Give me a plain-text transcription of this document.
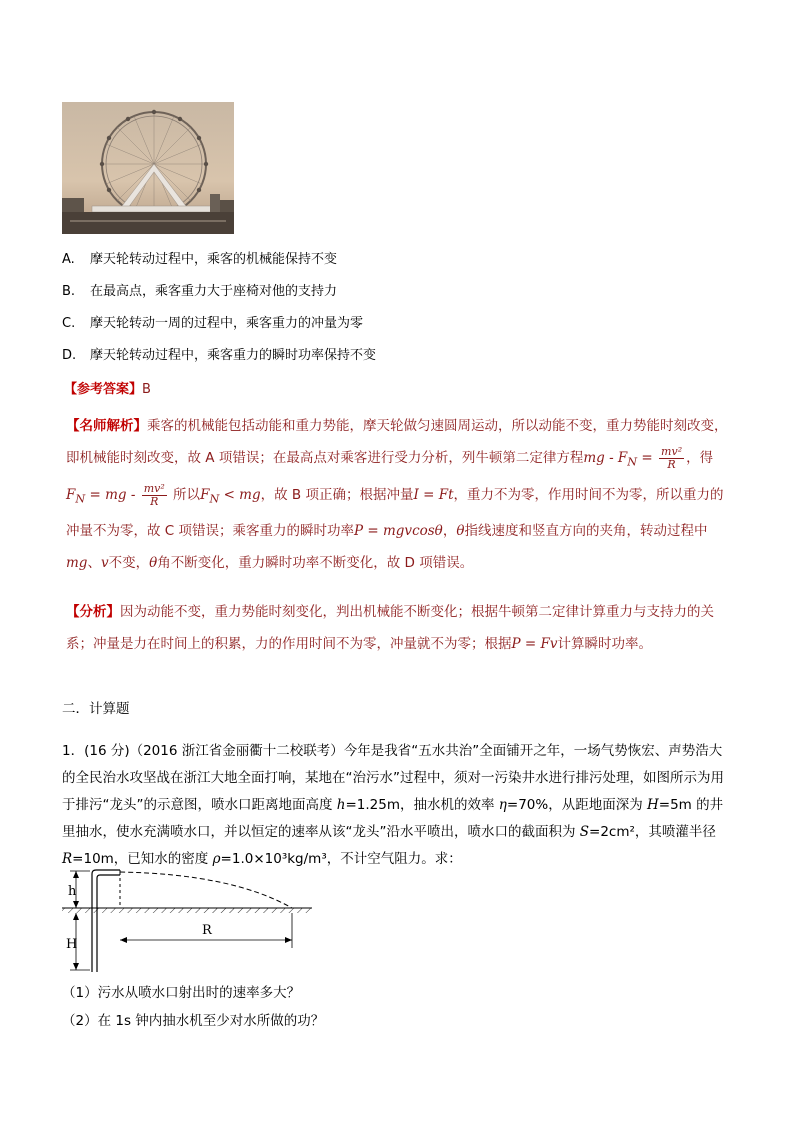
A. 摩天轮转动过程中，乘客的机械能保持不变
B. 在最高点，乘客重力大于座椅对他的支持力
C. 摩天轮转动一周的过程中，乘客重力的冲量为零
D. 摩天轮转动过程中，乘客重力的瞬时功率保持不变
【参考答案】B
【名师解析】乘客的机械能包括动能和重力势能，摩天轮做匀速圆周运动，所以动能不变，重力势能时刻改变，即机械能时刻改变，故 A 项错误；在最高点对乘客进行受力分析，列牛顿第二定律方程mg - $F_N = \frac{\text{mv²}}{R}$ ，得$F_N$ = mg - $\frac{\text{mv²}}{R}$ 所以$F_N$ < mg，故 B 项正确；根据冲量I = Ft，重力不为零，作用时间不为零，所以重力的冲量不为零，故 C 项错误；乘客重力的瞬时功率P = mgvcosθ，θ指线速度和竖直方向的夹角，转动过程中mg、v不变，θ角不断变化，重力瞬时功率不断变化，故 D 项错误。
【分析】因为动能不变，重力势能时刻变化，判出机械能不断变化；根据牛顿第二定律计算重力与支持力的关系；冲量是力在时间上的积累，力的作用时间不为零，冲量就不为零；根据P = Fv计算瞬时功率。
二．计算题
1．(16 分)（2016 浙江省金丽衢十二校联考）今年是我省“五水共治”全面铺开之年，一场气势恢宏、声势浩大的全民治水攻坚战在浙江大地全面打响，某地在“治污水”过程中，须对一污染井水进行排污处理，如图所示为用于排污“龙头”的示意图，喷水口距离地面高度 h=1.25m，抽水机的效率 η=70%，从距地面深为 H=5m 的井里抽水，使水充满喷水口，并以恒定的速率从该“龙头”沿水平喷出，喷水口的截面积为 S=2cm²，其喷灌半径 R=10m，已知水的密度 ρ=1.0×10³kg/m³，不计空气阻力。求：
h
H
R
（1）污水从喷水口射出时的速率多大？
（2）在 1s 钟内抽水机至少对水所做的功？
